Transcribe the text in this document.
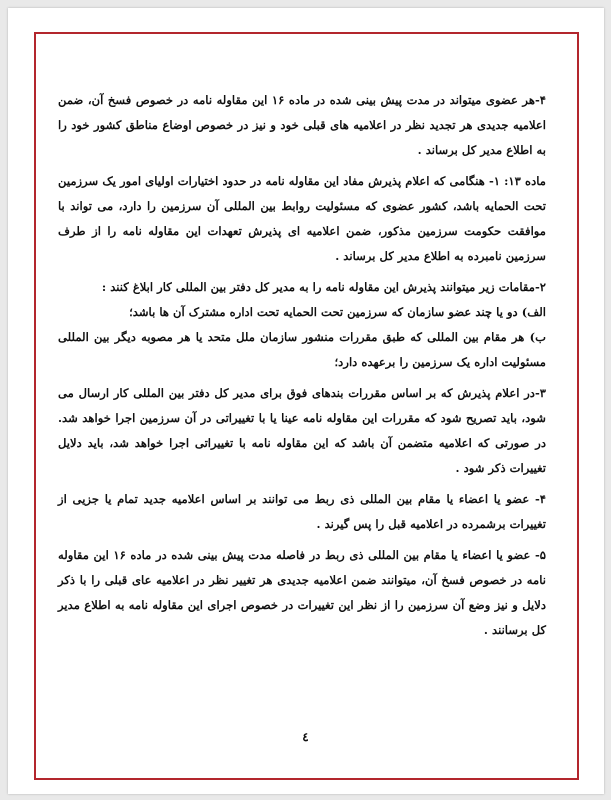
۴-هر عضوی میتواند در مدت پیش بینی شده در ماده ۱۶ این مقاوله نامه در خصوص فسخ آن، ضمن اعلامیه جدیدی هر تجدید نظر در اعلامیه های قبلی خود و نیز در خصوص اوضاع مناطق کشور خود را به اطلاع مدیر کل برساند .

ماده ۱۳: ۱- هنگامی که اعلام پذیرش مفاد این مقاوله نامه در حدود اختیارات اولیای امور یک سرزمین تحت الحمایه باشد، کشور عضوی که مسئولیت روابط بین المللی آن سرزمین را دارد، می تواند با موافقت حکومت سرزمین مذکور، ضمن اعلامیه ای پذیرش تعهدات این مقاوله نامه را از طرف سرزمین نامبرده به اطلاع مدیر کل برساند .

۲-مقامات زیر میتوانند پذیرش این مقاوله نامه را به مدیر کل دفتر بین المللی کار ابلاغ کنند :

الف) دو یا چند عضو سازمان که سرزمین تحت الحمایه تحت اداره مشترک آن ها باشد؛

ب) هر مقام بین المللی که طبق مقررات منشور سازمان ملل متحد یا هر مصوبه دیگر بین المللی مسئولیت اداره یک سرزمین را برعهده دارد؛

۳-در اعلام پذیرش که بر اساس مقررات بندهای فوق برای مدیر کل دفتر بین المللی کار ارسال می شود، باید تصریح شود که مقررات این مقاوله نامه عینا یا با تغییراتی در آن سرزمین اجرا خواهد شد. در صورتی که اعلامیه متضمن آن باشد که این مقاوله نامه با تغییراتی اجرا خواهد شد، باید دلایل تغییرات ذکر شود .

۴- عضو یا اعضاء یا مقام بین المللی ذی ربط می توانند بر اساس اعلامیه جدید تمام یا جزیی از تغییرات برشمرده در اعلامیه قبل را پس گیرند .

۵- عضو یا اعضاء یا مقام بین المللی ذی ربط در فاصله مدت پیش بینی شده در ماده ۱۶ این مقاوله نامه در خصوص فسخ آن، میتوانند ضمن اعلامیه جدیدی هر تغییر نظر در اعلامیه عای قبلی را با ذکر دلایل و نیز وضع آن سرزمین را از نظر این تغییرات در خصوص اجرای این مقاوله نامه به اطلاع مدیر کل برسانند .

٤
